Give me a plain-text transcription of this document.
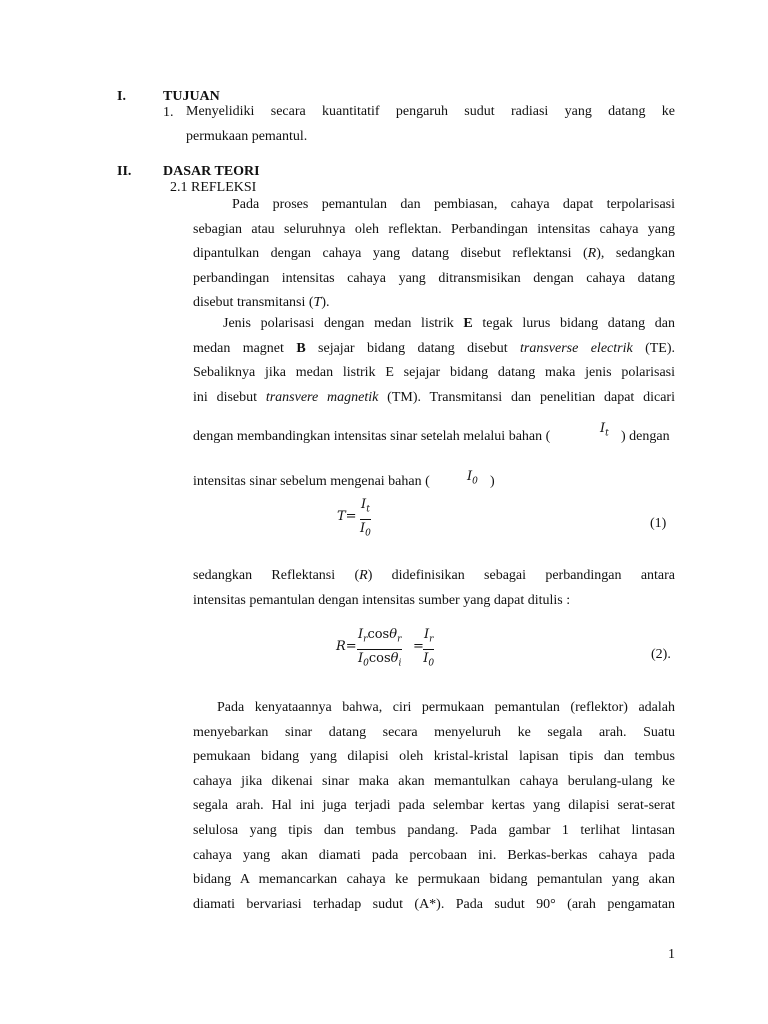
I.	TUJUAN
1. Menyelidiki secara kuantitatif pengaruh sudut radiasi yang datang ke
permukaan pemantul.
II. DASAR TEORI
2.1 REFLEKSI
Pada proses pemantulan dan pembiasan, cahaya dapat terpolarisasi
sebagian atau seluruhnya oleh reflektan. Perbandingan intensitas cahaya yang
dipantulkan dengan cahaya yang datang disebut reflektansi (R), sedangkan
perbandingan intensitas cahaya yang ditransmisikan dengan cahaya datang
disebut transmitansi (T).
Jenis polarisasi dengan medan listrik E tegak lurus bidang datang dan
medan magnet B sejajar bidang datang disebut transverse electrik (TE).
Sebaliknya jika medan listrik E sejajar bidang datang maka jenis polarisasi
ini disebut transvere magnetik (TM). Transmitansi dan penelitian dapat dicari
dengan membandingkan intensitas sinar setelah melalui bahan (
$I_t$ ) dengan
intensitas sinar sebelum mengenai bahan (	$I_0$ )
$T= \frac{I_t}{I_0}$	(1)
sedangkan Reflektansi (R) didefinisikan sebagai perbandingan antara
intensitas pemantulan dengan intensitas sumber yang dapat ditulis :
$R= \frac{I_r\cos\theta_r}{I_0\cos\theta_i} = \frac{I_r}{I_0}$	(2).
Pada kenyataannya bahwa, ciri permukaan pemantulan (reflektor) adalah
menyebarkan sinar datang secara menyeluruh ke segala arah. Suatu
pemukaan bidang yang dilapisi oleh kristal-kristal lapisan tipis dan tembus
cahaya jika dikenai sinar maka akan memantulkan cahaya berulang-ulang ke
segala arah. Hal ini juga terjadi pada selembar kertas yang dilapisi serat-serat
selulosa yang tipis dan tembus pandang. Pada gambar 1 terlihat lintasan
cahaya yang akan diamati pada percobaan ini. Berkas-berkas cahaya pada
bidang A memancarkan cahaya ke permukaan bidang pemantulan yang akan
diamati bervariasi terhadap sudut (A*). Pada sudut 90° (arah pengamatan
1
